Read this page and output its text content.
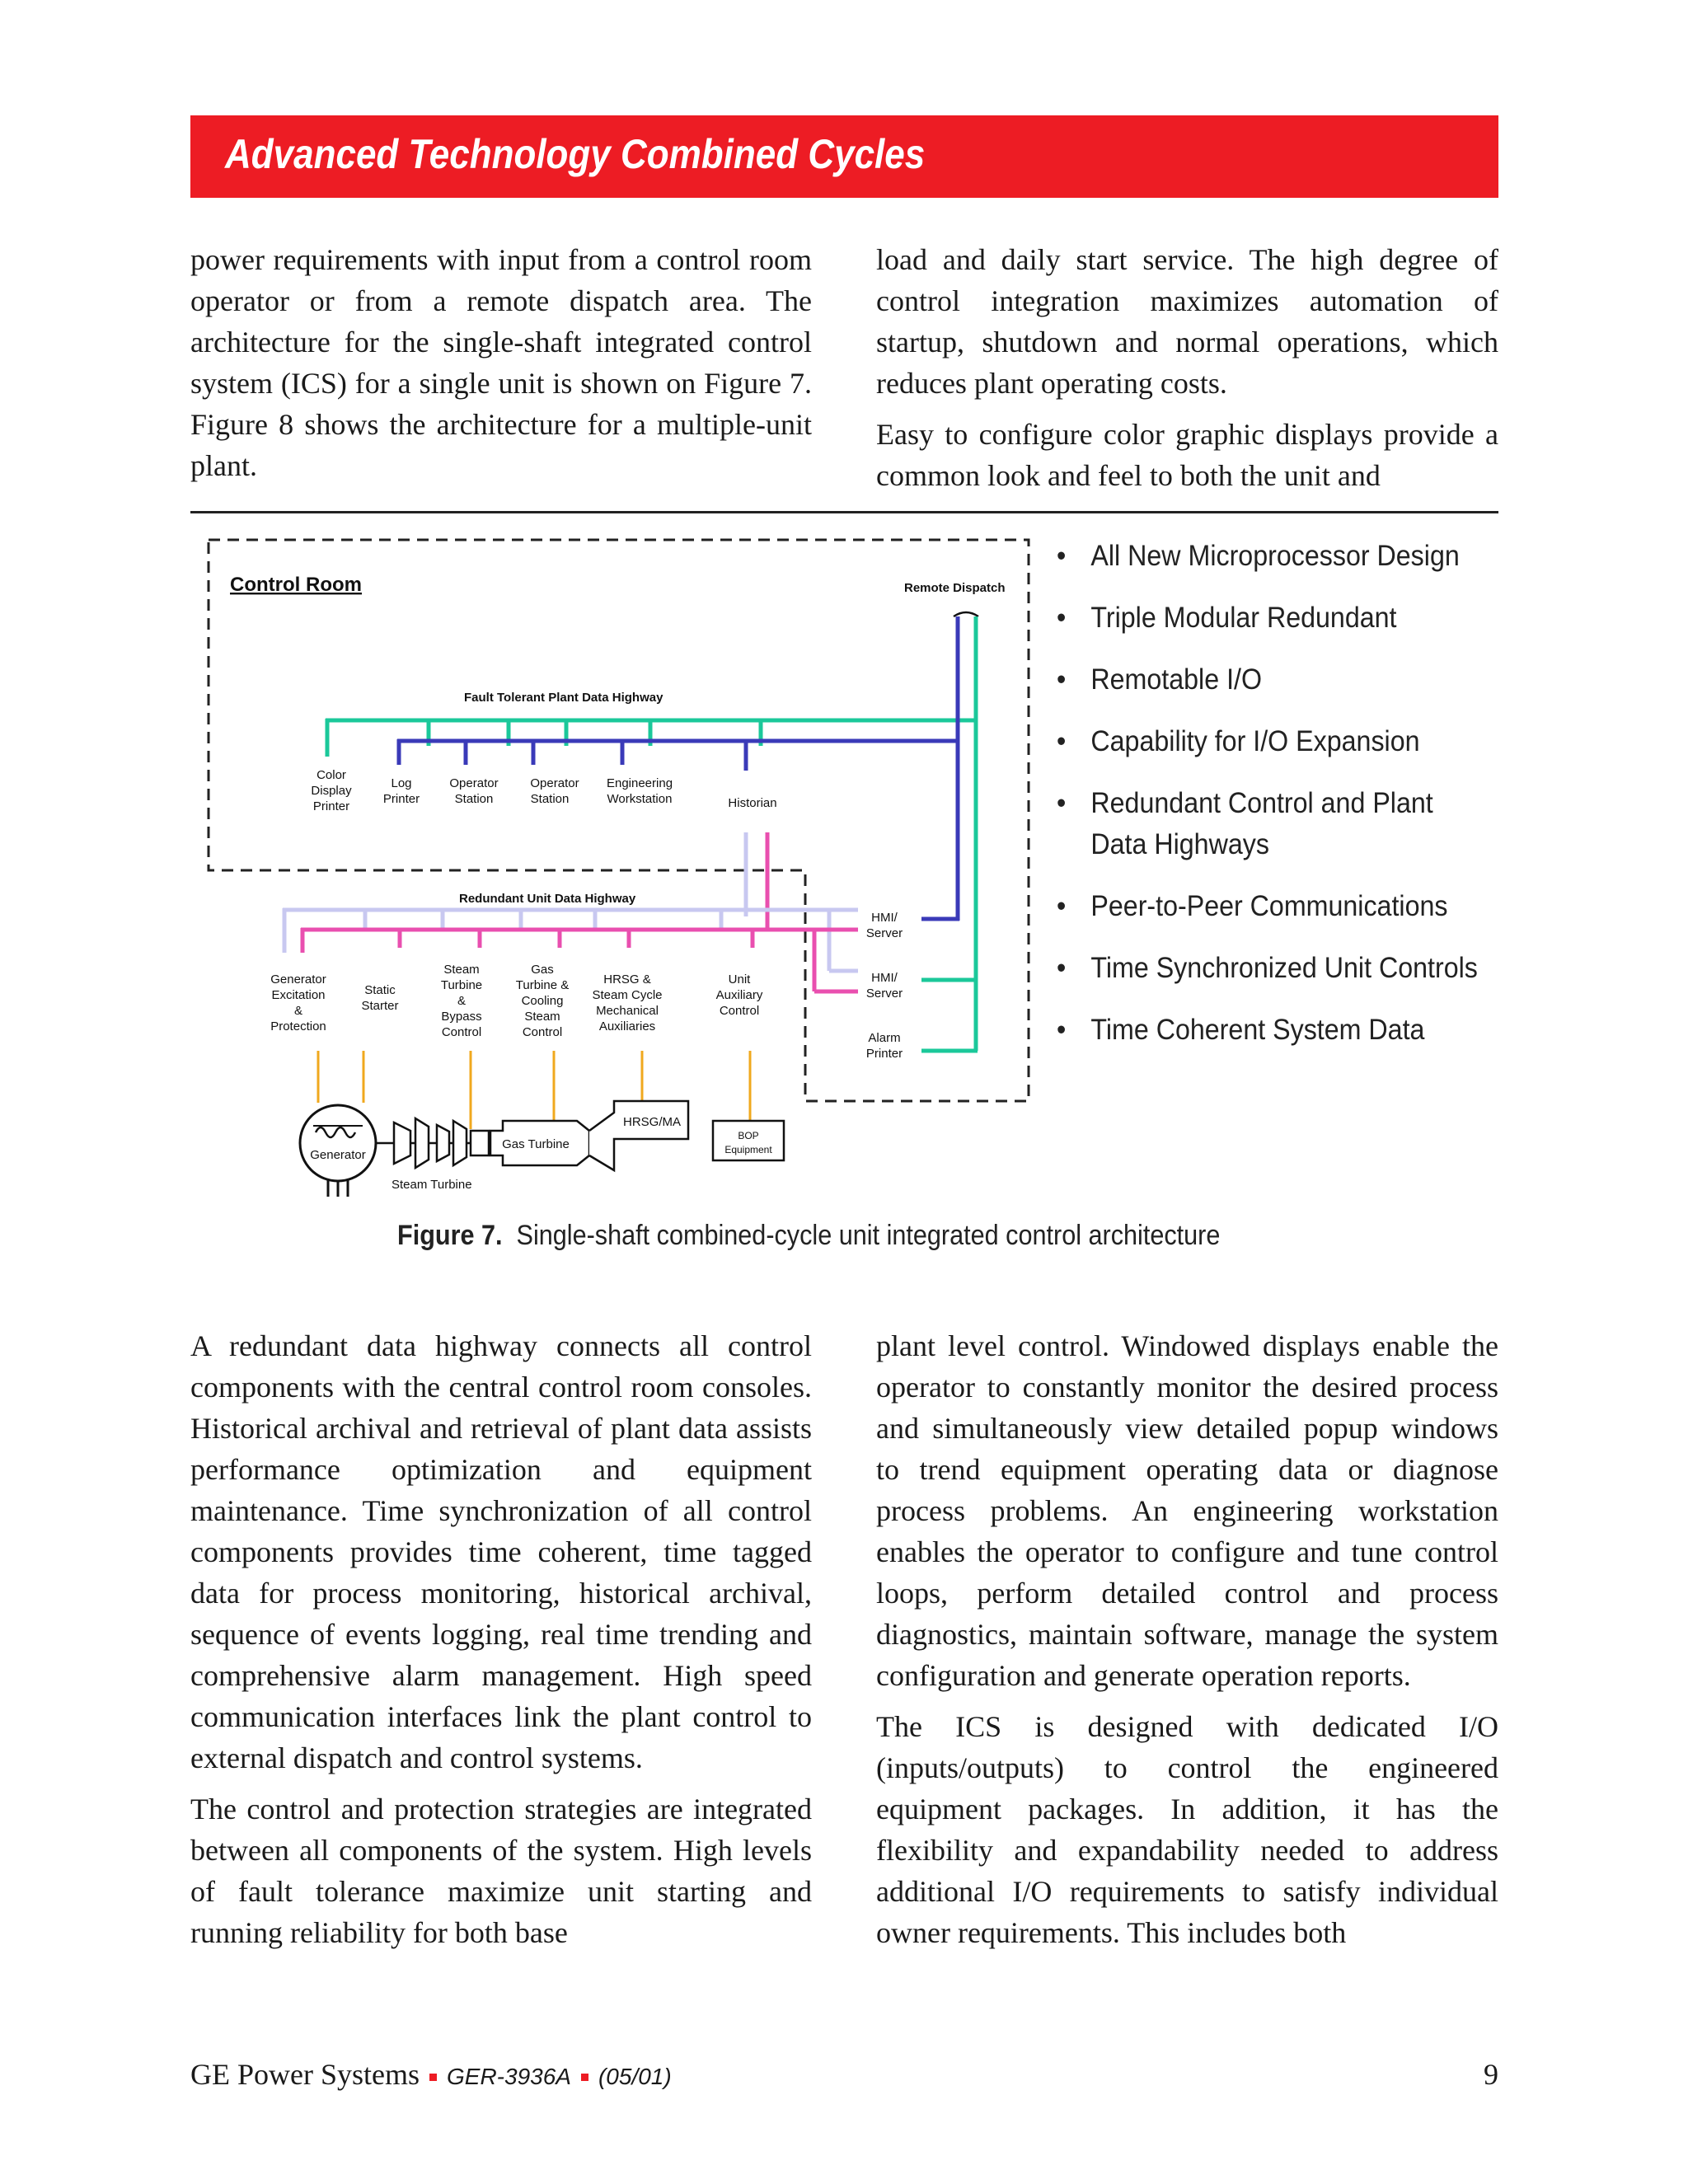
Advanced Technology Combined Cycles

power requirements with input from a control room operator or from a remote dispatch area. The architecture for the single-shaft integrated control system (ICS) for a single unit is shown on Figure 7. Figure 8 shows the architecture for a multiple-unit plant.

load and daily start service. The high degree of control integration maximizes automation of startup, shutdown and normal operations, which reduces plant operating costs.

Easy to configure color graphic displays provide a common look and feel to both the unit and

Control Room	Remote Dispatch
Fault Tolerant Plant Data Highway
Color
Display
Printer
Log
Printer
Operator
Station
Operator
Station
Engineering
Workstation	Historian
Redundant Unit Data Highway
HMI/
Server
HMI/
Server
Alarm
Printer
Generator
Excitation
&
Protection
Static
Starter
Steam
Turbine
&
Bypass
Control
Gas
Turbine &
Cooling
Steam
Control
HRSG &
Steam Cycle
Mechanical
Auxiliaries
Unit
Auxiliary
Control
Generator
Steam Turbine
Gas Turbine
HRSG/MA
BOP
Equipment
• All New Microprocessor Design
• Triple Modular Redundant
• Remotable I/O
• Capability for I/O Expansion
• Redundant Control and Plant Data Highways
• Peer-to-Peer Communications
• Time Synchronized Unit Controls
• Time Coherent System Data
Figure 7. Single-shaft combined-cycle unit integrated control architecture

A redundant data highway connects all control components with the central control room consoles. Historical archival and retrieval of plant data assists performance optimization and equipment maintenance. Time synchronization of all control components provides time coherent, time tagged data for process monitoring, historical archival, sequence of events logging, real time trending and comprehensive alarm management. High speed communication interfaces link the plant control to external dispatch and control systems.

The control and protection strategies are integrated between all components of the system. High levels of fault tolerance maximize unit starting and running reliability for both base

plant level control. Windowed displays enable the operator to constantly monitor the desired process and simultaneously view detailed popup windows to trend equipment operating data or diagnose process problems. An engineering workstation enables the operator to configure and tune control loops, perform detailed control and process diagnostics, maintain software, manage the system configuration and generate operation reports.

The ICS is designed with dedicated I/O (inputs/outputs) to control the engineered equipment packages. In addition, it has the flexibility and expandability needed to address additional I/O requirements to satisfy individual owner requirements. This includes both

GE Power Systems GER-3936A (05/01)	9
